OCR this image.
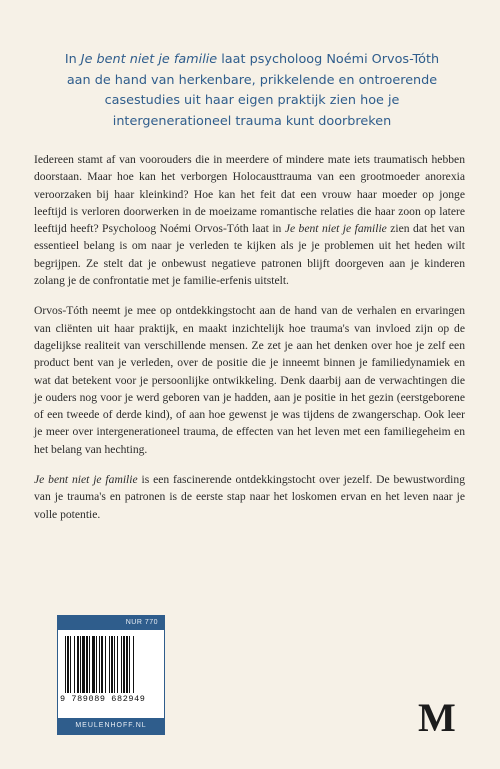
In Je bent niet je familie laat psycholoog Noémi Orvos-Tóth aan de hand van herkenbare, prikkelende en ontroerende casestudies uit haar eigen praktijk zien hoe je intergenerationeel trauma kunt doorbreken

Iedereen stamt af van voorouders die in meerdere of mindere mate iets traumatisch hebben doorstaan. Maar hoe kan het verborgen Holocausttrauma van een grootmoeder anorexia veroorzaken bij haar kleinkind? Hoe kan het feit dat een vrouw haar moeder op jonge leeftijd is verloren doorwerken in de moeizame romantische relaties die haar zoon op latere leeftijd heeft? Psycholoog Noémi Orvos-Tóth laat in Je bent niet je familie zien dat het van essentieel belang is om naar je verleden te kijken als je je problemen uit het heden wilt begrijpen. Ze stelt dat je onbewust negatieve patronen blijft doorgeven aan je kinderen zolang je de confrontatie met je familie-erfenis uitstelt.

Orvos-Tóth neemt je mee op ontdekkingstocht aan de hand van de verhalen en ervaringen van cliënten uit haar praktijk, en maakt inzichtelijk hoe trauma's van invloed zijn op de dagelijkse realiteit van verschillende mensen. Ze zet je aan het denken over hoe je zelf een product bent van je verleden, over de positie die je inneemt binnen je familiedynamiek en wat dat betekent voor je persoonlijke ontwikkeling. Denk daarbij aan de verwachtingen die je ouders nog voor je werd geboren van je hadden, aan je positie in het gezin (eerstgeborene of een tweede of derde kind), of aan hoe gewenst je was tijdens de zwangerschap. Ook leer je meer over intergenerationeel trauma, de effecten van het leven met een familiegeheim en het belang van hechting.

Je bent niet je familie is een fascinerende ontdekkingstocht over jezelf. De bewustwording van je trauma's en patronen is de eerste stap naar het loskomen ervan en het leven naar je volle potentie.

NUR 770
9 789089 682949
MEULENHOFF.NL	M
